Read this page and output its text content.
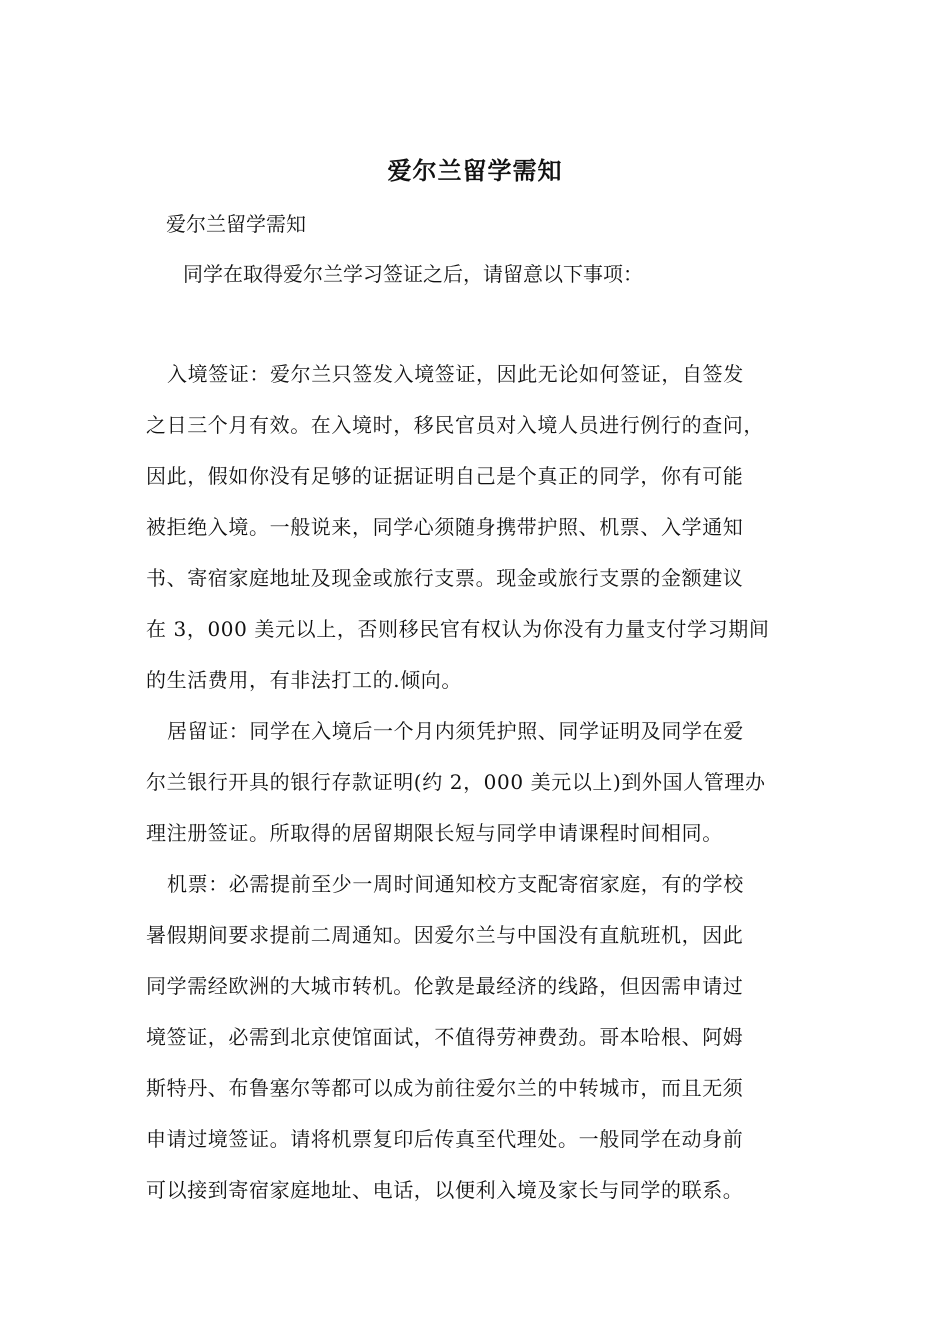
爱尔兰留学需知
爱尔兰留学需知
同学在取得爱尔兰学习签证之后，请留意以下事项：
入境签证：爱尔兰只签发入境签证，因此无论如何签证，自签发
之日三个月有效。在入境时，移民官员对入境人员进行例行的查问，
因此，假如你没有足够的证据证明自己是个真正的同学，你有可能
被拒绝入境。一般说来，同学心须随身携带护照、机票、入学通知
书、寄宿家庭地址及现金或旅行支票。现金或旅行支票的金额建议
在 3，000 美元以上，否则移民官有权认为你没有力量支付学习期间
的生活费用，有非法打工的.倾向。
居留证：同学在入境后一个月内须凭护照、同学证明及同学在爱
尔兰银行开具的银行存款证明(约 2，000 美元以上)到外国人管理办
理注册签证。所取得的居留期限长短与同学申请课程时间相同。
机票：必需提前至少一周时间通知校方支配寄宿家庭，有的学校
暑假期间要求提前二周通知。因爱尔兰与中国没有直航班机，因此
同学需经欧洲的大城市转机。伦敦是最经济的线路，但因需申请过
境签证，必需到北京使馆面试，不值得劳神费劲。哥本哈根、阿姆
斯特丹、布鲁塞尔等都可以成为前往爱尔兰的中转城市，而且无须
申请过境签证。请将机票复印后传真至代理处。一般同学在动身前
可以接到寄宿家庭地址、电话，以便利入境及家长与同学的联系。
